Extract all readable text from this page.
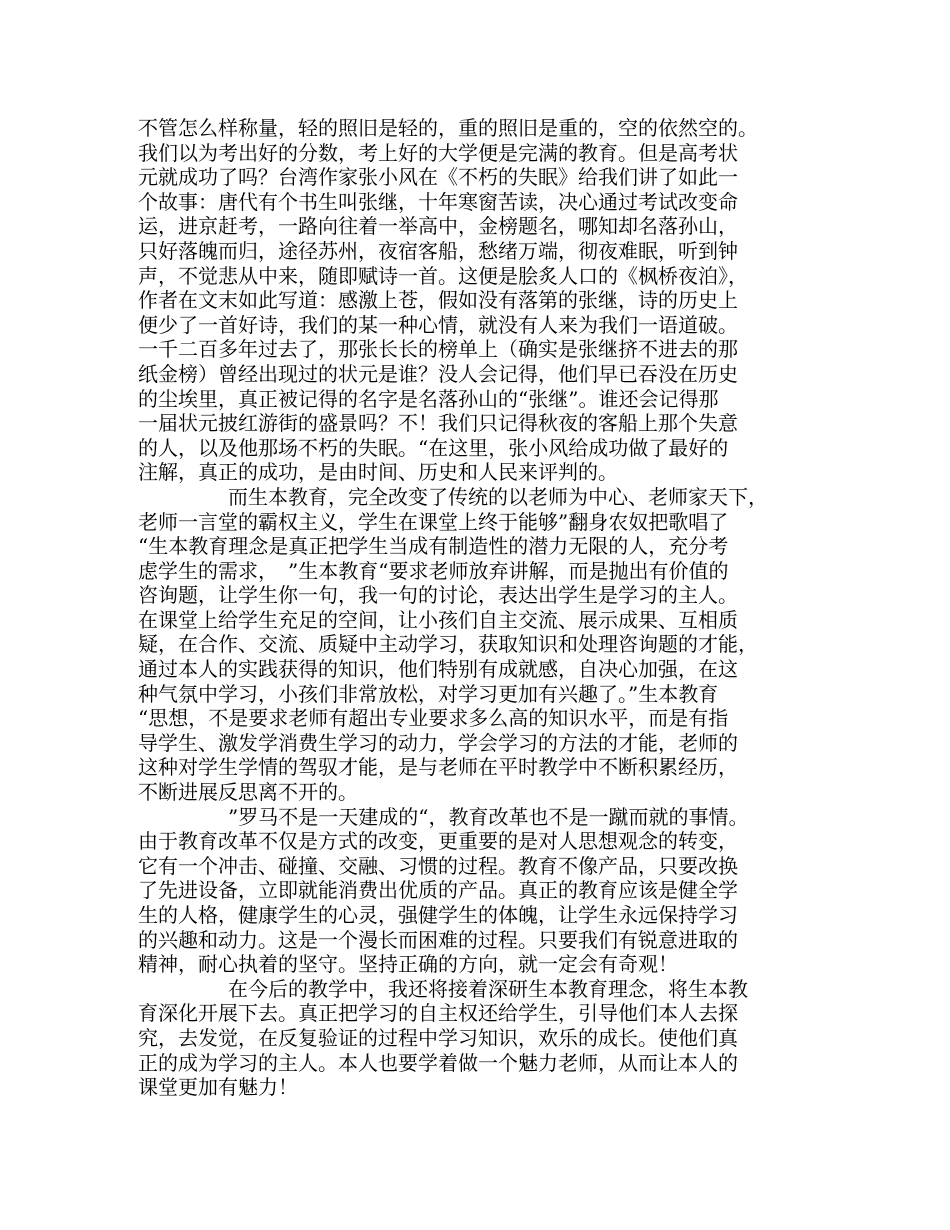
不管怎么样称量，轻的照旧是轻的，重的照旧是重的，空的依然空的。
我们以为考出好的分数，考上好的大学便是完满的教育。但是高考状
元就成功了吗？台湾作家张小风在《不朽的失眠》给我们讲了如此一
个故事：唐代有个书生叫张继，十年寒窗苦读，决心通过考试改变命
运，进京赶考，一路向往着一举高中，金榜题名，哪知却名落孙山，
只好落魄而归，途径苏州，夜宿客船，愁绪万端，彻夜难眠，听到钟
声，不觉悲从中来，随即赋诗一首。这便是脍炙人口的《枫桥夜泊》，
作者在文末如此写道：感激上苍，假如没有落第的张继，诗的历史上
便少了一首好诗，我们的某一种心情，就没有人来为我们一语道破。
一千二百多年过去了，那张长长的榜单上（确实是张继挤不进去的那
纸金榜）曾经出现过的状元是谁？没人会记得，他们早已吞没在历史
的尘埃里，真正被记得的名字是名落孙山的“张继”。谁还会记得那
一届状元披红游街的盛景吗？不！我们只记得秋夜的客船上那个失意
的人，以及他那场不朽的失眠。“在这里，张小风给成功做了最好的
注解，真正的成功，是由时间、历史和人民来评判的。
而生本教育，完全改变了传统的以老师为中心、老师家天下，
老师一言堂的霸权主义，学生在课堂上终于能够”翻身农奴把歌唱了
“生本教育理念是真正把学生当成有制造性的潜力无限的人，充分考
虑学生的需求，　”生本教育“要求老师放弃讲解，而是抛出有价值的
咨询题，让学生你一句，我一句的讨论，表达出学生是学习的主人。
在课堂上给学生充足的空间，让小孩们自主交流、展示成果、互相质
疑，在合作、交流、质疑中主动学习，获取知识和处理咨询题的才能，
通过本人的实践获得的知识，他们特别有成就感，自决心加强，在这
种气氛中学习，小孩们非常放松，对学习更加有兴趣了。”生本教育
“思想，不是要求老师有超出专业要求多么高的知识水平，而是有指
导学生、激发学消费生学习的动力，学会学习的方法的才能，老师的
这种对学生学情的驾驭才能，是与老师在平时教学中不断积累经历，
不断进展反思离不开的。
”罗马不是一天建成的“，教育改革也不是一蹴而就的事情。
由于教育改革不仅是方式的改变，更重要的是对人思想观念的转变，
它有一个冲击、碰撞、交融、习惯的过程。教育不像产品，只要改换
了先进设备，立即就能消费出优质的产品。真正的教育应该是健全学
生的人格，健康学生的心灵，强健学生的体魄，让学生永远保持学习
的兴趣和动力。这是一个漫长而困难的过程。只要我们有锐意进取的
精神，耐心执着的坚守。坚持正确的方向，就一定会有奇观！
在今后的教学中，我还将接着深研生本教育理念，将生本教
育深化开展下去。真正把学习的自主权还给学生，引导他们本人去探
究，去发觉，在反复验证的过程中学习知识，欢乐的成长。使他们真
正的成为学习的主人。本人也要学着做一个魅力老师，从而让本人的
课堂更加有魅力！
